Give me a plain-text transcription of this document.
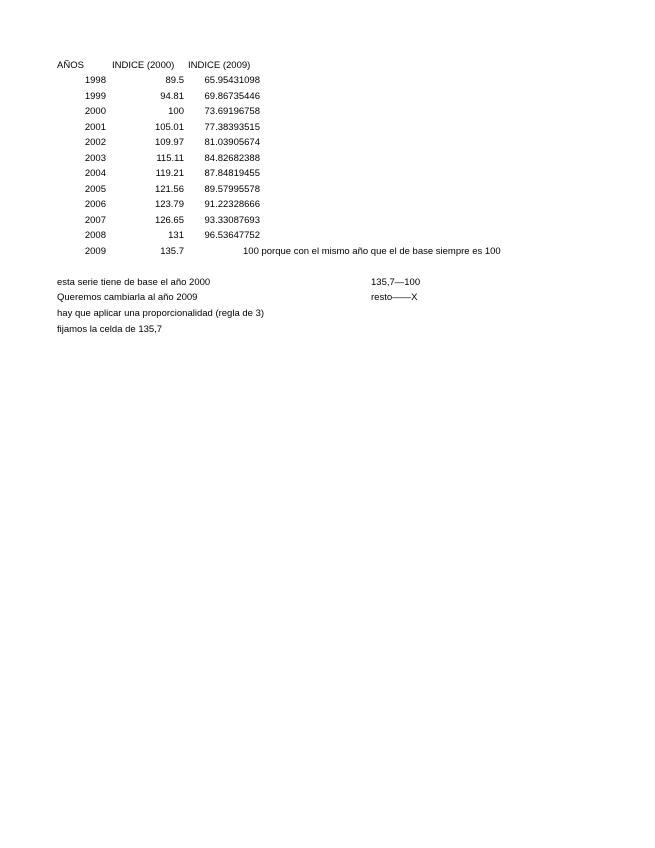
AÑOS	INDICE (2000) INDICE (2009)
1998	89.5	65.95431098
1999	94.81	69.86735446
2000	100	73.69196758
2001	105.01	77.38393515
2002	109.97	81.03905674
2003	115.11	84.82682388
2004	119.21	87.84819455
2005	121.56	89.57995578
2006	123.79	91.22328666
2007	126.65	93.33087693
2008	131	96.53647752
2009	135.7	100 porque con el mismo año que el de base siempre es 100
esta serie tiene de base el año 2000
Queremos cambiarla al año 2009
hay que aplicar una proporcionalidad (regla de 3)
fijamos la celda de 135,7
135,7—100
resto——X
